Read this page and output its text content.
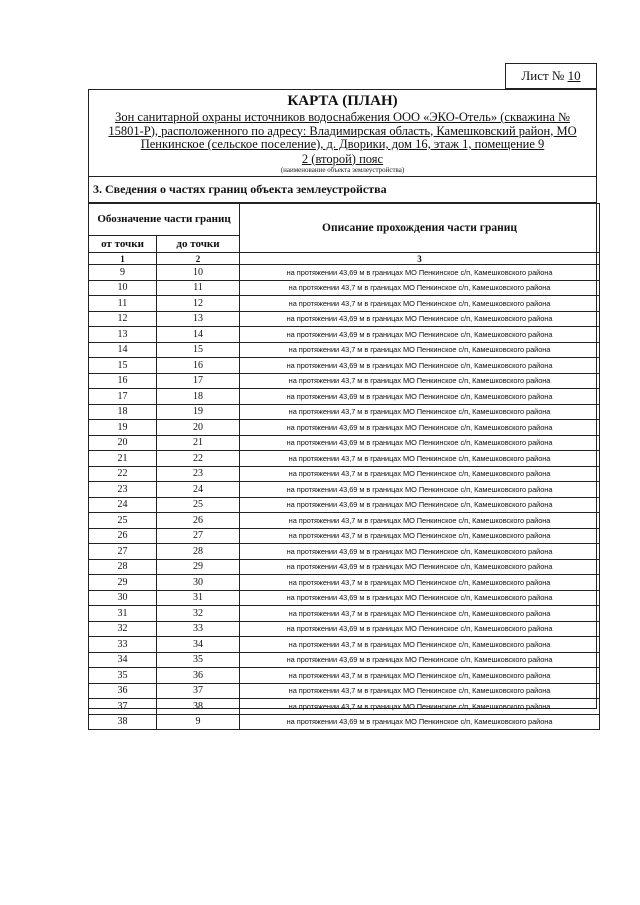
Лист № 10
КАРТА (ПЛАН)
Зон санитарной охраны источников водоснабжения ООО «ЭКО-Отель» (скважина № 15801-Р), расположенного по адресу: Владимирская область, Камешковский район, МО Пенкинское (сельское поселение), д. Дворики, дом 16, этаж 1, помещение 9
2 (второй) пояс
(наименование объекта землеустройства)
3. Сведения о частях границ объекта землеустройства
Обозначение части границ		Описание прохождения части границ
от точки	до точки	
1	2	3
9	10	на протяжении 43,69 м в границах МО Пенкинское с/п, Камешковского района
10	11	на протяжении 43,7 м в границах МО Пенкинское с/п, Камешковского района
11	12	на протяжении 43,7 м в границах МО Пенкинское с/п, Камешковского района
12	13	на протяжении 43,69 м в границах МО Пенкинское с/п, Камешковского района
13	14	на протяжении 43,69 м в границах МО Пенкинское с/п, Камешковского района
14	15	на протяжении 43,7 м в границах МО Пенкинское с/п, Камешковского района
15	16	на протяжении 43,69 м в границах МО Пенкинское с/п, Камешковского района
16	17	на протяжении 43,7 м в границах МО Пенкинское с/п, Камешковского района
17	18	на протяжении 43,69 м в границах МО Пенкинское с/п, Камешковского района
18	19	на протяжении 43,7 м в границах МО Пенкинское с/п, Камешковского района
19	20	на протяжении 43,69 м в границах МО Пенкинское с/п, Камешковского района
20	21	на протяжении 43,69 м в границах МО Пенкинское с/п, Камешковского района
21	22	на протяжении 43,7 м в границах МО Пенкинское с/п, Камешковского района
22	23	на протяжении 43,7 м в границах МО Пенкинское с/п, Камешковского района
23	24	на протяжении 43,69 м в границах МО Пенкинское с/п, Камешковского района
24	25	на протяжении 43,69 м в границах МО Пенкинское с/п, Камешковского района
25	26	на протяжении 43,7 м в границах МО Пенкинское с/п, Камешковского района
26	27	на протяжении 43,7 м в границах МО Пенкинское с/п, Камешковского района
27	28	на протяжении 43,69 м в границах МО Пенкинское с/п, Камешковского района
28	29	на протяжении 43,69 м в границах МО Пенкинское с/п, Камешковского района
29	30	на протяжении 43,7 м в границах МО Пенкинское с/п, Камешковского района
30	31	на протяжении 43,69 м в границах МО Пенкинское с/п, Камешковского района
31	32	на протяжении 43,7 м в границах МО Пенкинское с/п, Камешковского района
32	33	на протяжении 43,69 м в границах МО Пенкинское с/п, Камешковского района
33	34	на протяжении 43,7 м в границах МО Пенкинское с/п, Камешковского района
34	35	на протяжении 43,69 м в границах МО Пенкинское с/п, Камешковского района
35	36	на протяжении 43,7 м в границах МО Пенкинское с/п, Камешковского района
36	37	на протяжении 43,7 м в границах МО Пенкинское с/п, Камешковского района
37	38	на протяжении 43,7 м в границах МО Пенкинское с/п, Камешковского района
38	9	на протяжении 43,69 м в границах МО Пенкинское с/п, Камешковского района
